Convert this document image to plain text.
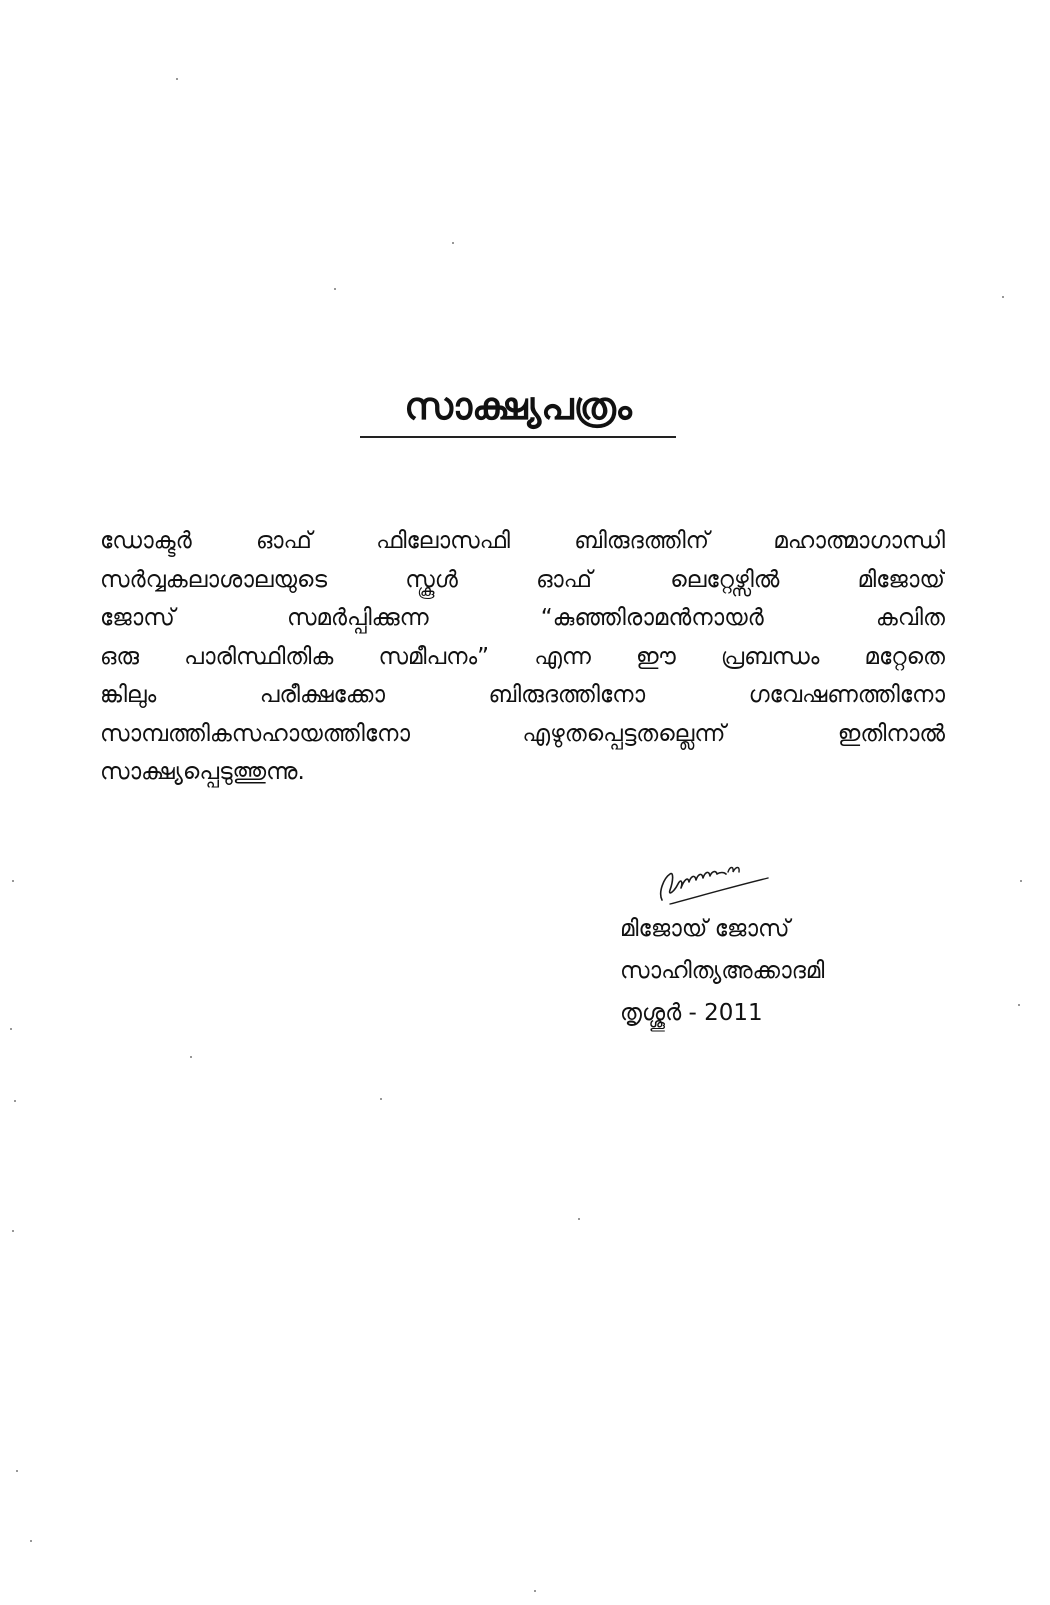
സാക്ഷ്യപത്രം
ഡോക്ടർ ഓഫ് ഫിലോസഫി ബിരുദത്തിന് മഹാത്മാഗാന്ധി
സർവ്വകലാശാലയുടെ സ്കൂൾ ഓഫ് ലെറ്റേഴ്സിൽ മിജോയ്
ജോസ് സമർപ്പിക്കുന്ന “കുഞ്ഞിരാമൻനായർ കവിത
ഒരു പാരിസ്ഥിതിക സമീപനം” എന്ന ഈ പ്രബന്ധം മറ്റേതെ
ങ്കിലും പരീക്ഷക്കോ ബിരുദത്തിനോ ഗവേഷണത്തിനോ
സാമ്പത്തികസഹായത്തിനോ എഴുതപ്പെട്ടതല്ലെന്ന് ഇതിനാൽ
സാക്ഷ്യപ്പെടുത്തുന്നു.
മിജോയ് ജോസ്
സാഹിത്യഅക്കാദമി
തൃശ്ശൂർ - 2011
